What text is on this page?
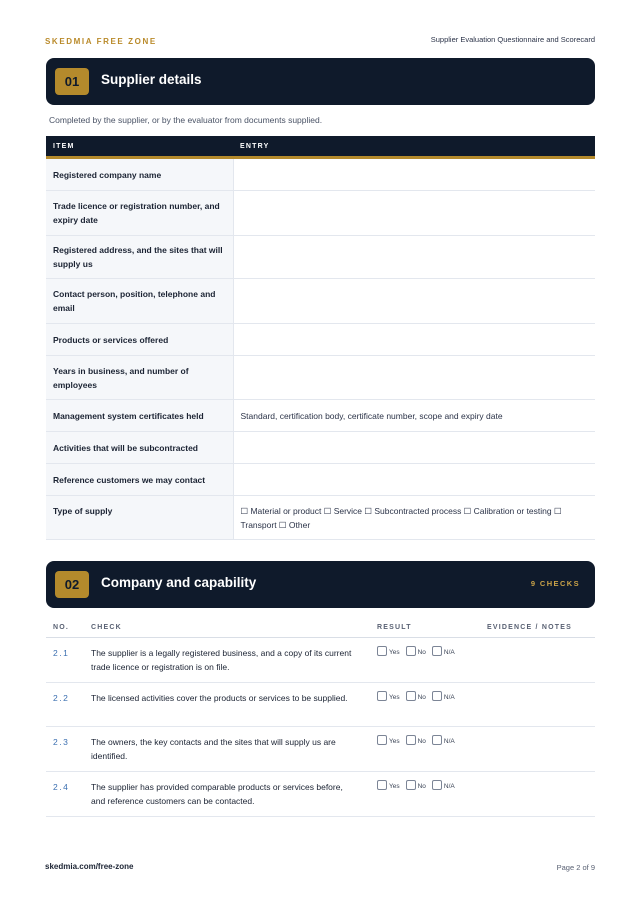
SKEDMIA FREE ZONE	Supplier Evaluation Questionnaire and Scorecard
01	Supplier details
Completed by the supplier, or by the evaluator from documents supplied.
ITEM	ENTRY
Registered company name	
Trade licence or registration number, and expiry date	
Registered address, and the sites that will supply us	
Contact person, position, telephone and email	
Products or services offered	
Years in business, and number of employees	
Management system certificates held	Standard, certification body, certificate number, scope and expiry date
Activities that will be subcontracted	
Reference customers we may contact	
Type of supply	☐ Material or product ☐ Service ☐ Subcontracted process ☐ Calibration or testing ☐ Transport ☐ Other
02	Company and capability	9 CHECKS
NO.	CHECK	RESULT	EVIDENCE / NOTES
2.1	The supplier is a legally registered business, and a copy of its current trade licence or registration is on file.	Yes No N/A	
2.2	The licensed activities cover the products or services to be supplied.	Yes No N/A	
2.3	The owners, the key contacts and the sites that will supply us are identified.	Yes No N/A	
2.4	The supplier has provided comparable products or services before, and reference customers can be contacted.	Yes No N/A	
skedmia.com/free-zone	Page 2 of 9
